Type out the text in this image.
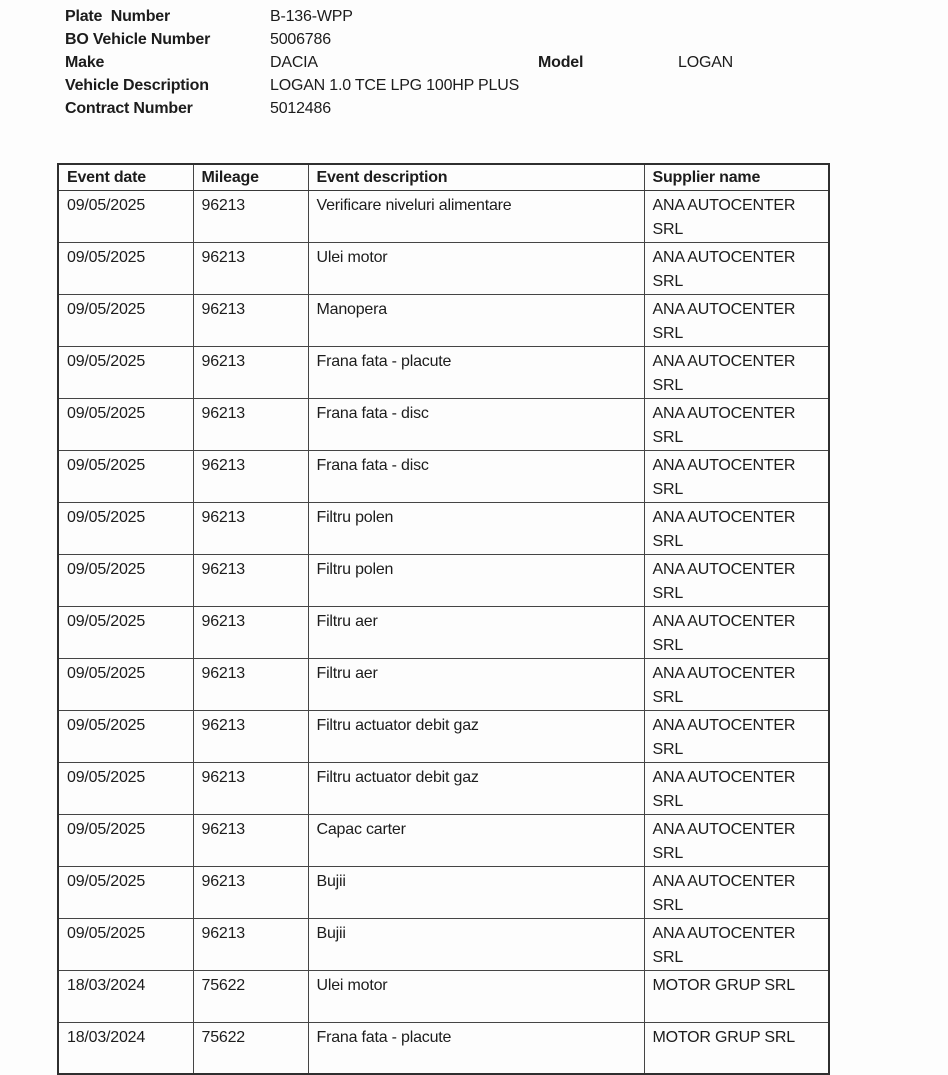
Plate  Number	B-136-WPP
BO Vehicle Number	5006786
Make	DACIA	Model	LOGAN
Vehicle Description	LOGAN 1.0 TCE LPG 100HP PLUS
Contract Number	5012486
Event date	Mileage	Event description	Supplier name
09/05/2025	96213	Verificare niveluri alimentare	ANA AUTOCENTER SRL
09/05/2025	96213	Ulei motor	ANA AUTOCENTER SRL
09/05/2025	96213	Manopera	ANA AUTOCENTER SRL
09/05/2025	96213	Frana fata - placute	ANA AUTOCENTER SRL
09/05/2025	96213	Frana fata - disc	ANA AUTOCENTER SRL
09/05/2025	96213	Frana fata - disc	ANA AUTOCENTER SRL
09/05/2025	96213	Filtru polen	ANA AUTOCENTER SRL
09/05/2025	96213	Filtru polen	ANA AUTOCENTER SRL
09/05/2025	96213	Filtru aer	ANA AUTOCENTER SRL
09/05/2025	96213	Filtru aer	ANA AUTOCENTER SRL
09/05/2025	96213	Filtru actuator debit gaz	ANA AUTOCENTER SRL
09/05/2025	96213	Filtru actuator debit gaz	ANA AUTOCENTER SRL
09/05/2025	96213	Capac carter	ANA AUTOCENTER SRL
09/05/2025	96213	Bujii	ANA AUTOCENTER SRL
09/05/2025	96213	Bujii	ANA AUTOCENTER SRL
18/03/2024	75622	Ulei motor	MOTOR GRUP SRL
18/03/2024	75622	Frana fata - placute	MOTOR GRUP SRL
